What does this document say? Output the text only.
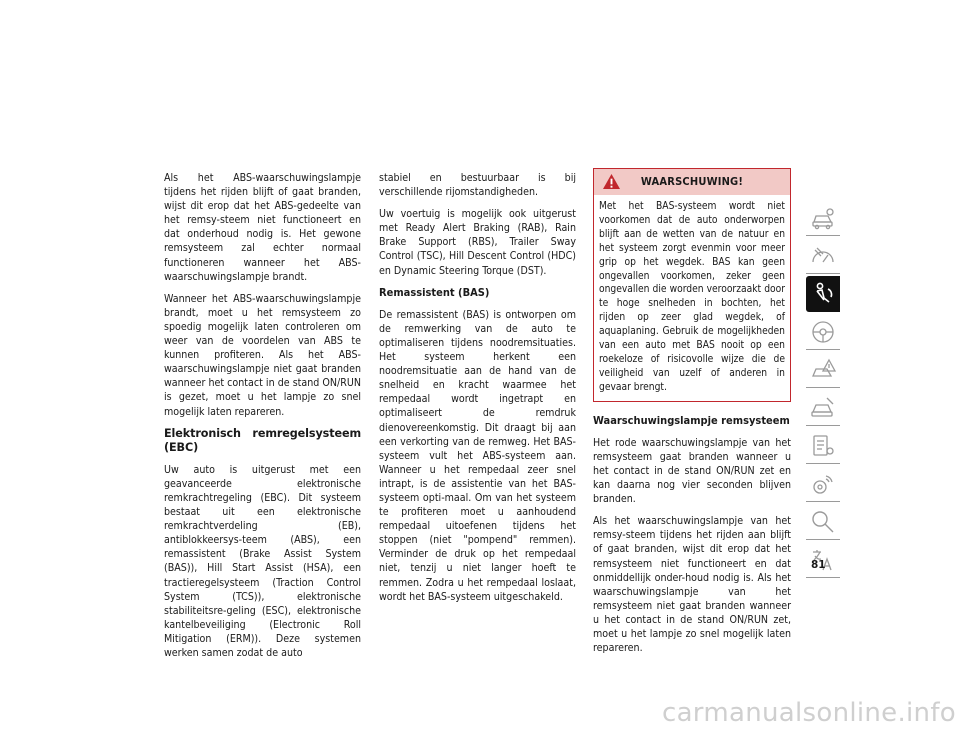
Als het ABS-waarschuwingslampje tijdens het rijden blijft of gaat branden, wijst dit erop dat het ABS-gedeelte van het remsy-steem niet functioneert en dat onderhoud nodig is. Het gewone remsysteem zal echter normaal functioneren wanneer het ABS-waarschuwingslampje brandt.

Wanneer het ABS-waarschuwingslampje brandt, moet u het remsysteem zo spoedig mogelijk laten controleren om weer van de voordelen van ABS te kunnen profiteren. Als het ABS-waarschuwingslampje niet gaat branden wanneer het contact in de stand ON/RUN is gezet, moet u het lampje zo snel mogelijk laten repareren.

Elektronisch remregelsysteem (EBC)

Uw auto is uitgerust met een geavanceerde elektronische remkrachtregeling (EBC). Dit systeem bestaat uit een elektronische remkrachtverdeling (EB), antiblokkeersys-teem (ABS), een remassistent (Brake Assist System (BAS)), Hill Start Assist (HSA), een tractieregelsysteem (Traction Control System (TCS)), elektronische stabiliteitsre-geling (ESC), elektronische kantelbeveiliging (Electronic Roll Mitigation (ERM)). Deze systemen werken samen zodat de auto

stabiel en bestuurbaar is bij verschillende rijomstandigheden.

Uw voertuig is mogelijk ook uitgerust met Ready Alert Braking (RAB), Rain Brake Support (RBS), Trailer Sway Control (TSC), Hill Descent Control (HDC) en Dynamic Steering Torque (DST).

Remassistent (BAS)

De remassistent (BAS) is ontworpen om de remwerking van de auto te optimaliseren tijdens noodremsituaties. Het systeem herkent een noodremsituatie aan de hand van de snelheid en kracht waarmee het rempedaal wordt ingetrapt en optimaliseert de remdruk dienovereenkomstig. Dit draagt bij aan een verkorting van de remweg. Het BAS-systeem vult het ABS-systeem aan. Wanneer u het rempedaal zeer snel intrapt, is de assistentie van het BAS-systeem opti-maal. Om van het systeem te profiteren moet u aanhoudend rempedaal uitoefenen tijdens het stoppen (niet "pompend" remmen). Verminder de druk op het rempedaal niet, tenzij u niet langer hoeft te remmen. Zodra u het rempedaal loslaat, wordt het BAS-systeem uitgeschakeld.

WAARSCHUWING!

Met het BAS-systeem wordt niet voorkomen dat de auto onderworpen blijft aan de wetten van de natuur en het systeem zorgt evenmin voor meer grip op het wegdek. BAS kan geen ongevallen voorkomen, zeker geen ongevallen die worden veroorzaakt door te hoge snelheden in bochten, het rijden op zeer glad wegdek, of aquaplaning. Gebruik de mogelijkheden van een auto met BAS nooit op een roekeloze of risicovolle wijze die de veiligheid van uzelf of anderen in gevaar brengt.

Waarschuwingslampje remsysteem

Het rode waarschuwingslampje van het remsysteem gaat branden wanneer u het contact in de stand ON/RUN zet en kan daarna nog vier seconden blijven branden.

Als het waarschuwingslampje van het remsy-steem tijdens het rijden aan blijft of gaat branden, wijst dit erop dat het remsysteem niet functioneert en dat onmiddellijk onder-houd nodig is. Als het waarschuwingslampje van het remsysteem niet gaat branden wanneer u het contact in de stand ON/RUN zet, moet u het lampje zo snel mogelijk laten repareren.

81
carmanualsonline.info
